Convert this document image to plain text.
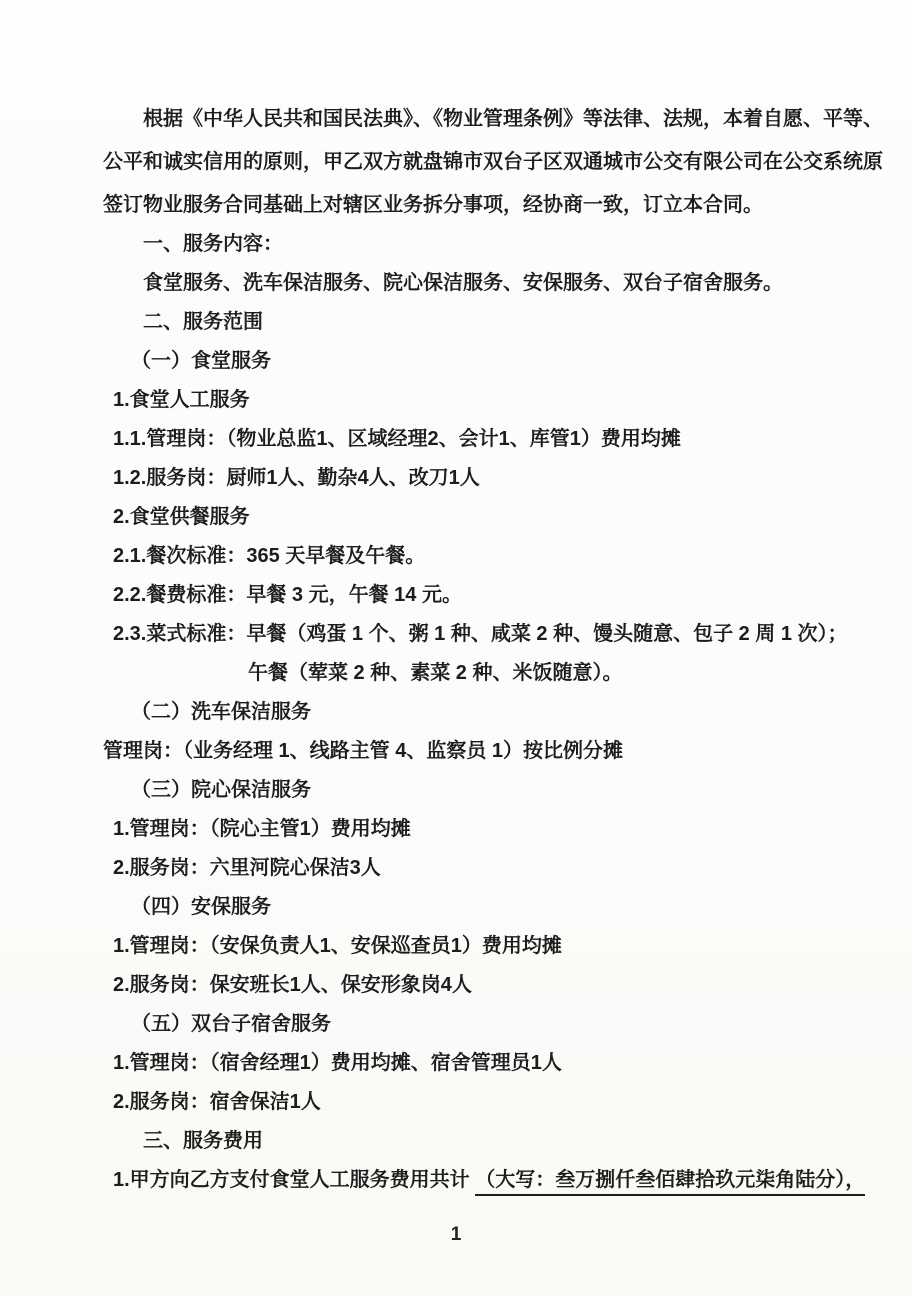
根据《中华人民共和国民法典》、《物业管理条例》等法律、法规，本着自愿、平等、

公平和诚实信用的原则，甲乙双方就盘锦市双台子区双通城市公交有限公司在公交系统原

签订物业服务合同基础上对辖区业务拆分事项，经协商一致，订立本合同。

一、服务内容：

食堂服务、洗车保洁服务、院心保洁服务、安保服务、双台子宿舍服务。

二、服务范围

（一）食堂服务

1.食堂人工服务

1.1.管理岗：（物业总监1、区域经理2、会计1、库管1）费用均摊

1.2.服务岗：厨师1人、勤杂4人、改刀1人

2.食堂供餐服务

2.1.餐次标准：365 天早餐及午餐。

2.2.餐费标准：早餐 3 元，午餐 14 元。

2.3.菜式标准：早餐（鸡蛋 1 个、粥 1 种、咸菜 2 种、馒头随意、包子 2 周 1 次）；

午餐（荤菜 2 种、素菜 2 种、米饭随意）。

（二）洗车保洁服务

管理岗：（业务经理 1、线路主管 4、监察员 1）按比例分摊

（三）院心保洁服务

1.管理岗：（院心主管1）费用均摊

2.服务岗：六里河院心保洁3人

（四）安保服务

1.管理岗：（安保负责人1、安保巡查员1）费用均摊

2.服务岗：保安班长1人、保安形象岗4人

（五）双台子宿舍服务

1.管理岗：（宿舍经理1）费用均摊、宿舍管理员1人

2.服务岗：宿舍保洁1人

三、服务费用

1.甲方向乙方支付食堂人工服务费用共计 （大写：叁万捌仟叁佰肆拾玖元柒角陆分），

1
